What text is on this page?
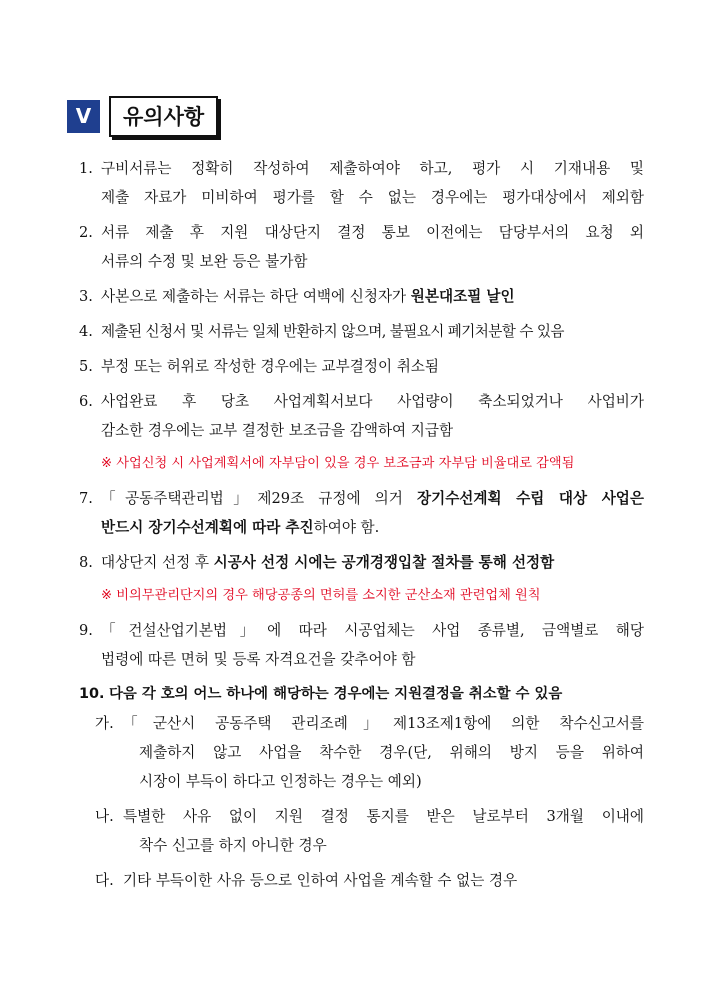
V	유의사항
1. 구비서류는 정확히 작성하여 제출하여야 하고, 평가 시 기재내용 및
제출 자료가 미비하여 평가를 할 수 없는 경우에는 평가대상에서 제외함
2. 서류 제출 후 지원 대상단지 결정 통보 이전에는 담당부서의 요청 외
서류의 수정 및 보완 등은 불가함
3. 사본으로 제출하는 서류는 하단 여백에 신청자가 원본대조필 날인
4. 제출된 신청서 및 서류는 일체 반환하지 않으며, 불필요시 폐기처분할 수 있음
5. 부정 또는 허위로 작성한 경우에는 교부결정이 취소됨
6. 사업완료 후 당초 사업계획서보다 사업량이 축소되었거나 사업비가
감소한 경우에는 교부 결정한 보조금을 감액하여 지급함
※ 사업신청 시 사업계획서에 자부담이 있을 경우 보조금과 자부담 비율대로 감액됨
7. 「공동주택관리법」제29조 규정에 의거 장기수선계획 수립 대상 사업은
반드시 장기수선계획에 따라 추진하여야 함.
8. 대상단지 선정 후 시공사 선정 시에는 공개경쟁입찰 절차를 통해 선정함
※ 비의무관리단지의 경우 해당공종의 면허를 소지한 군산소재 관련업체 원칙
9. 「건설산업기본법」에 따라 시공업체는 사업 종류별, 금액별로 해당
법령에 따른 면허 및 등록 자격요건을 갖추어야 함
10. 다음 각 호의 어느 하나에 해당하는 경우에는 지원결정을 취소할 수 있음
가. 「군산시 공동주택 관리조례」제13조제1항에 의한 착수신고서를
제출하지 않고 사업을 착수한 경우(단, 위해의 방지 등을 위하여
시장이 부득이 하다고 인정하는 경우는 예외)
나. 특별한 사유 없이 지원 결정 통지를 받은 날로부터 3개월 이내에
착수 신고를 하지 아니한 경우
다. 기타 부득이한 사유 등으로 인하여 사업을 계속할 수 없는 경우
